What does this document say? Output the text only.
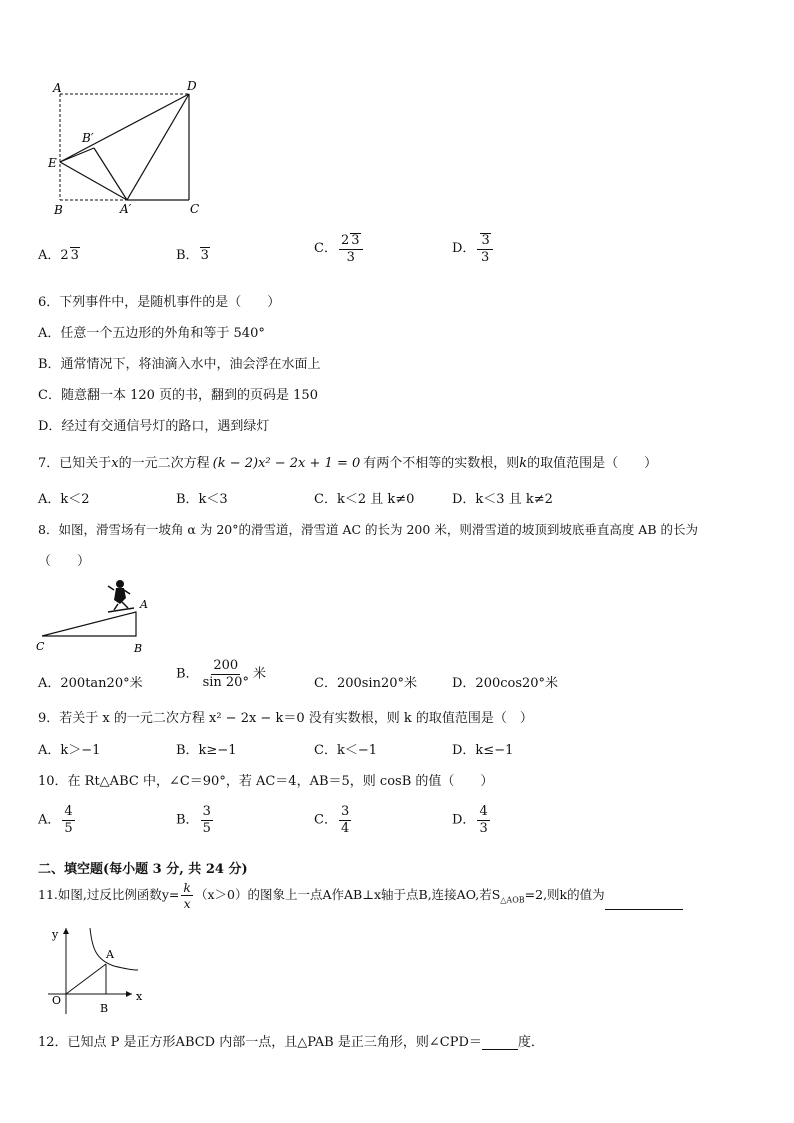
A	D
B′
E
B	A′	C
A．2 3	B． 3	C． $\frac{2 3}{3}$	D． $\frac{3}{3}$
6．下列事件中，是随机事件的是（　　）
A．任意一个五边形的外角和等于 540°
B．通常情况下，将油滴入水中，油会浮在水面上
C．随意翻一本 120 页的书，翻到的页码是 150
D．经过有交通信号灯的路口，遇到绿灯
7．已知关于x的一元二次方程 (k − 2)x² − 2x + 1 = 0 有两个不相等的实数根，则k的取值范围是（　　）
A．k＜2	B．k＜3	C．k＜2 且 k≠0	D．k＜3 且 k≠2
8．如图，滑雪场有一坡角 α 为 20°的滑雪道，滑雪道 AC 的长为 200 米，则滑雪道的坡顶到坡底垂直高度 AB 的长为
（　　）
A
C	B
A．200tan20°米
B． $\frac{200}{\sin 20^\circ}$ 米
C．200sin20°米	D．200cos20°米
9．若关于 x 的一元二次方程 x² − 2x − k＝0 没有实数根，则 k 的取值范围是（　）
A．k＞−1	B．k≥−1	C．k＜−1	D．k≤−1
10．在 Rt△ABC 中，∠C＝90°，若 AC＝4，AB＝5，则 cosB 的值（　　）
A． $\frac{4}{5}$	B． $\frac{3}{5}$	C． $\frac{3}{4}$	D． $\frac{4}{3}$
二、填空题(每小题 3 分, 共 24 分)
11.如图,过反比例函数$y= \frac{k}{x} (x>0)$的图象上一点A作AB⊥x轴于点B,连接AO,若$S_{\triangle AOB}=2$,则k的值为
y
x
O
A
B
12．已知点 P 是正方形ABCD 内部一点，且△PAB 是正三角形，则∠CPD＝	度．
